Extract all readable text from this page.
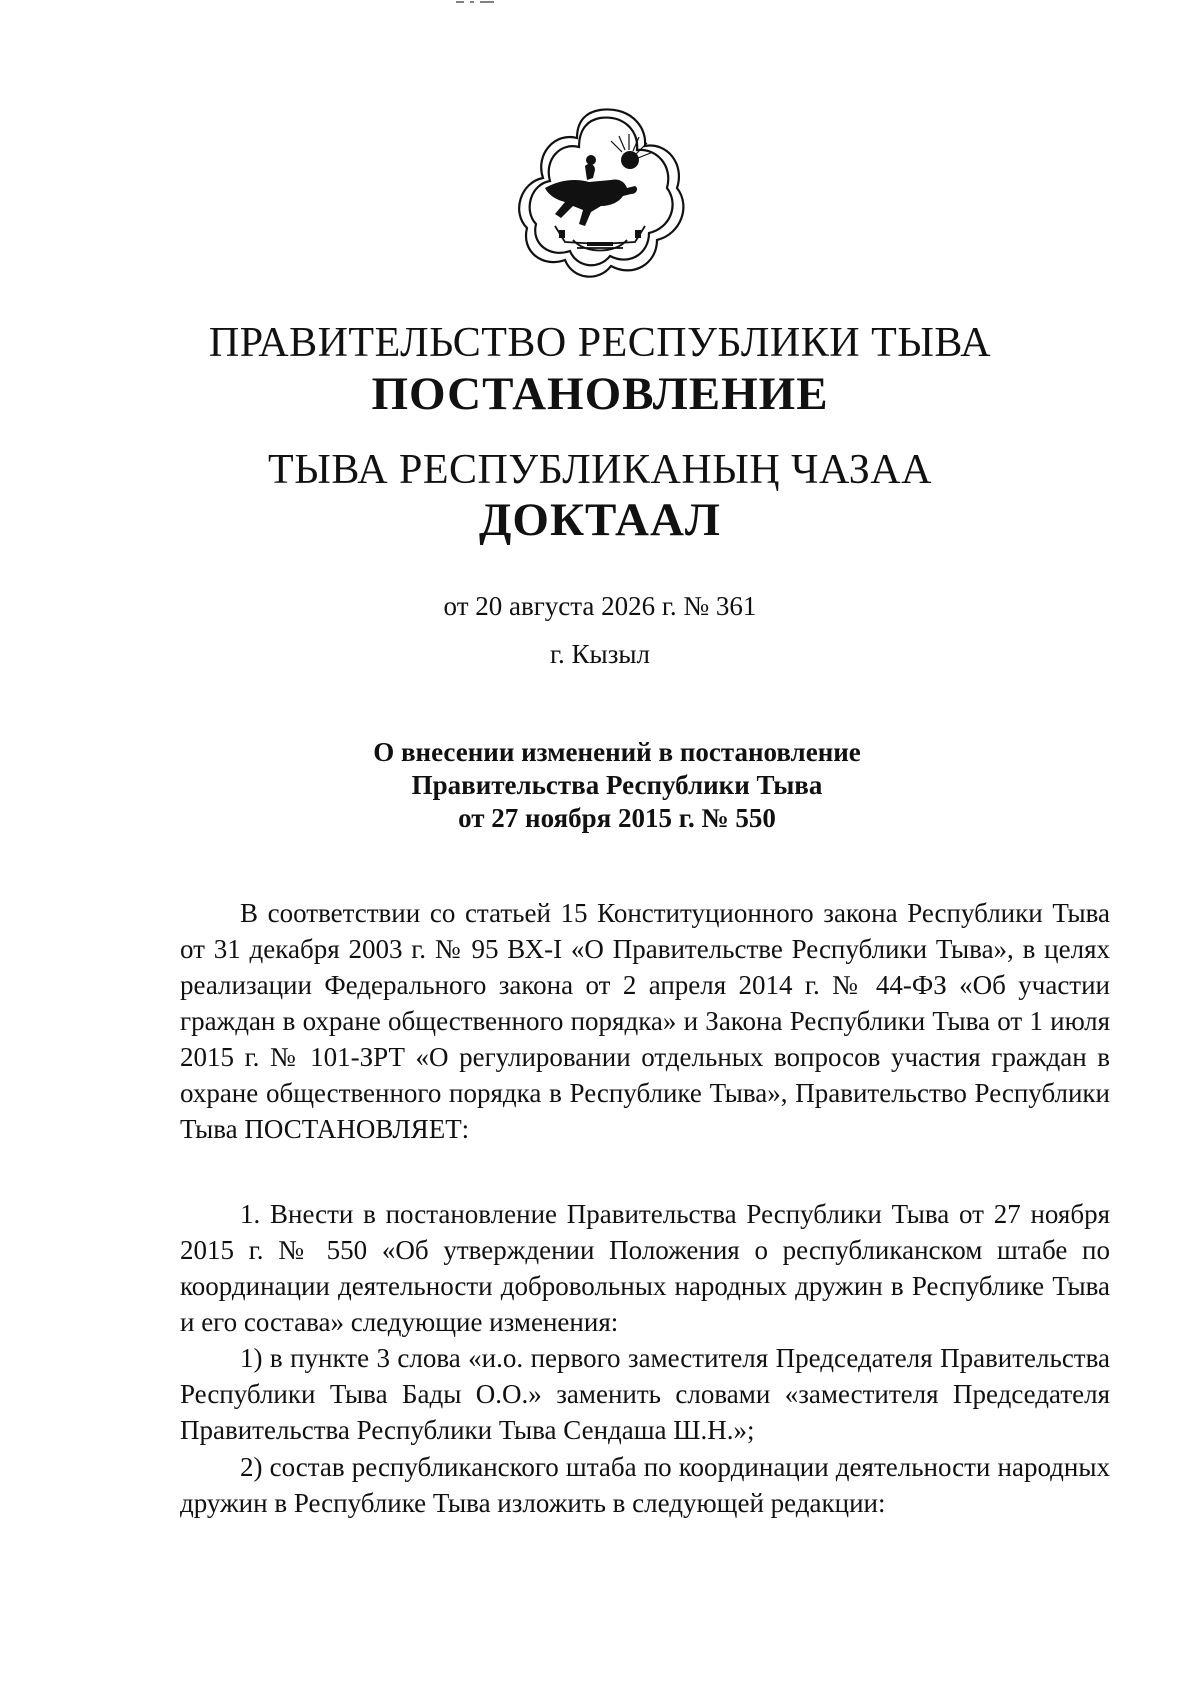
ПРАВИТЕЛЬСТВО РЕСПУБЛИКИ ТЫВА
ПОСТАНОВЛЕНИЕ
ТЫВА РЕСПУБЛИКАНЫҢ ЧАЗАА
ДОКТААЛ
от 20 августа 2026 г. № 361
г. Кызыл
О внесении изменений в постановление
Правительства Республики Тыва
от 27 ноября 2015 г. № 550

В соответствии со статьей 15 Конституционного закона Республики Тыва от 31 декабря 2003 г. № 95 ВХ-I «О Правительстве Республики Тыва», в целях реализации Федерального закона от 2 апреля 2014 г. № 44-ФЗ «Об участии граждан в охране общественного порядка» и Закона Республики Тыва от 1 июля 2015 г. № 101-ЗРТ «О регулировании отдельных вопросов участия граждан в охране общественного порядка в Республике Тыва», Правительство Республики Тыва ПОСТАНОВЛЯЕТ:

1. Внести в постановление Правительства Республики Тыва от 27 ноября 2015 г. № 550 «Об утверждении Положения о республиканском штабе по координации деятельности добровольных народных дружин в Республике Тыва и его состава» следующие изменения:

1) в пункте 3 слова «и.о. первого заместителя Председателя Правительства Республики Тыва Бады О.О.» заменить словами «заместителя Председателя Правительства Республики Тыва Сендаша Ш.Н.»;

2) состав республиканского штаба по координации деятельности народных дружин в Республике Тыва изложить в следующей редакции:
